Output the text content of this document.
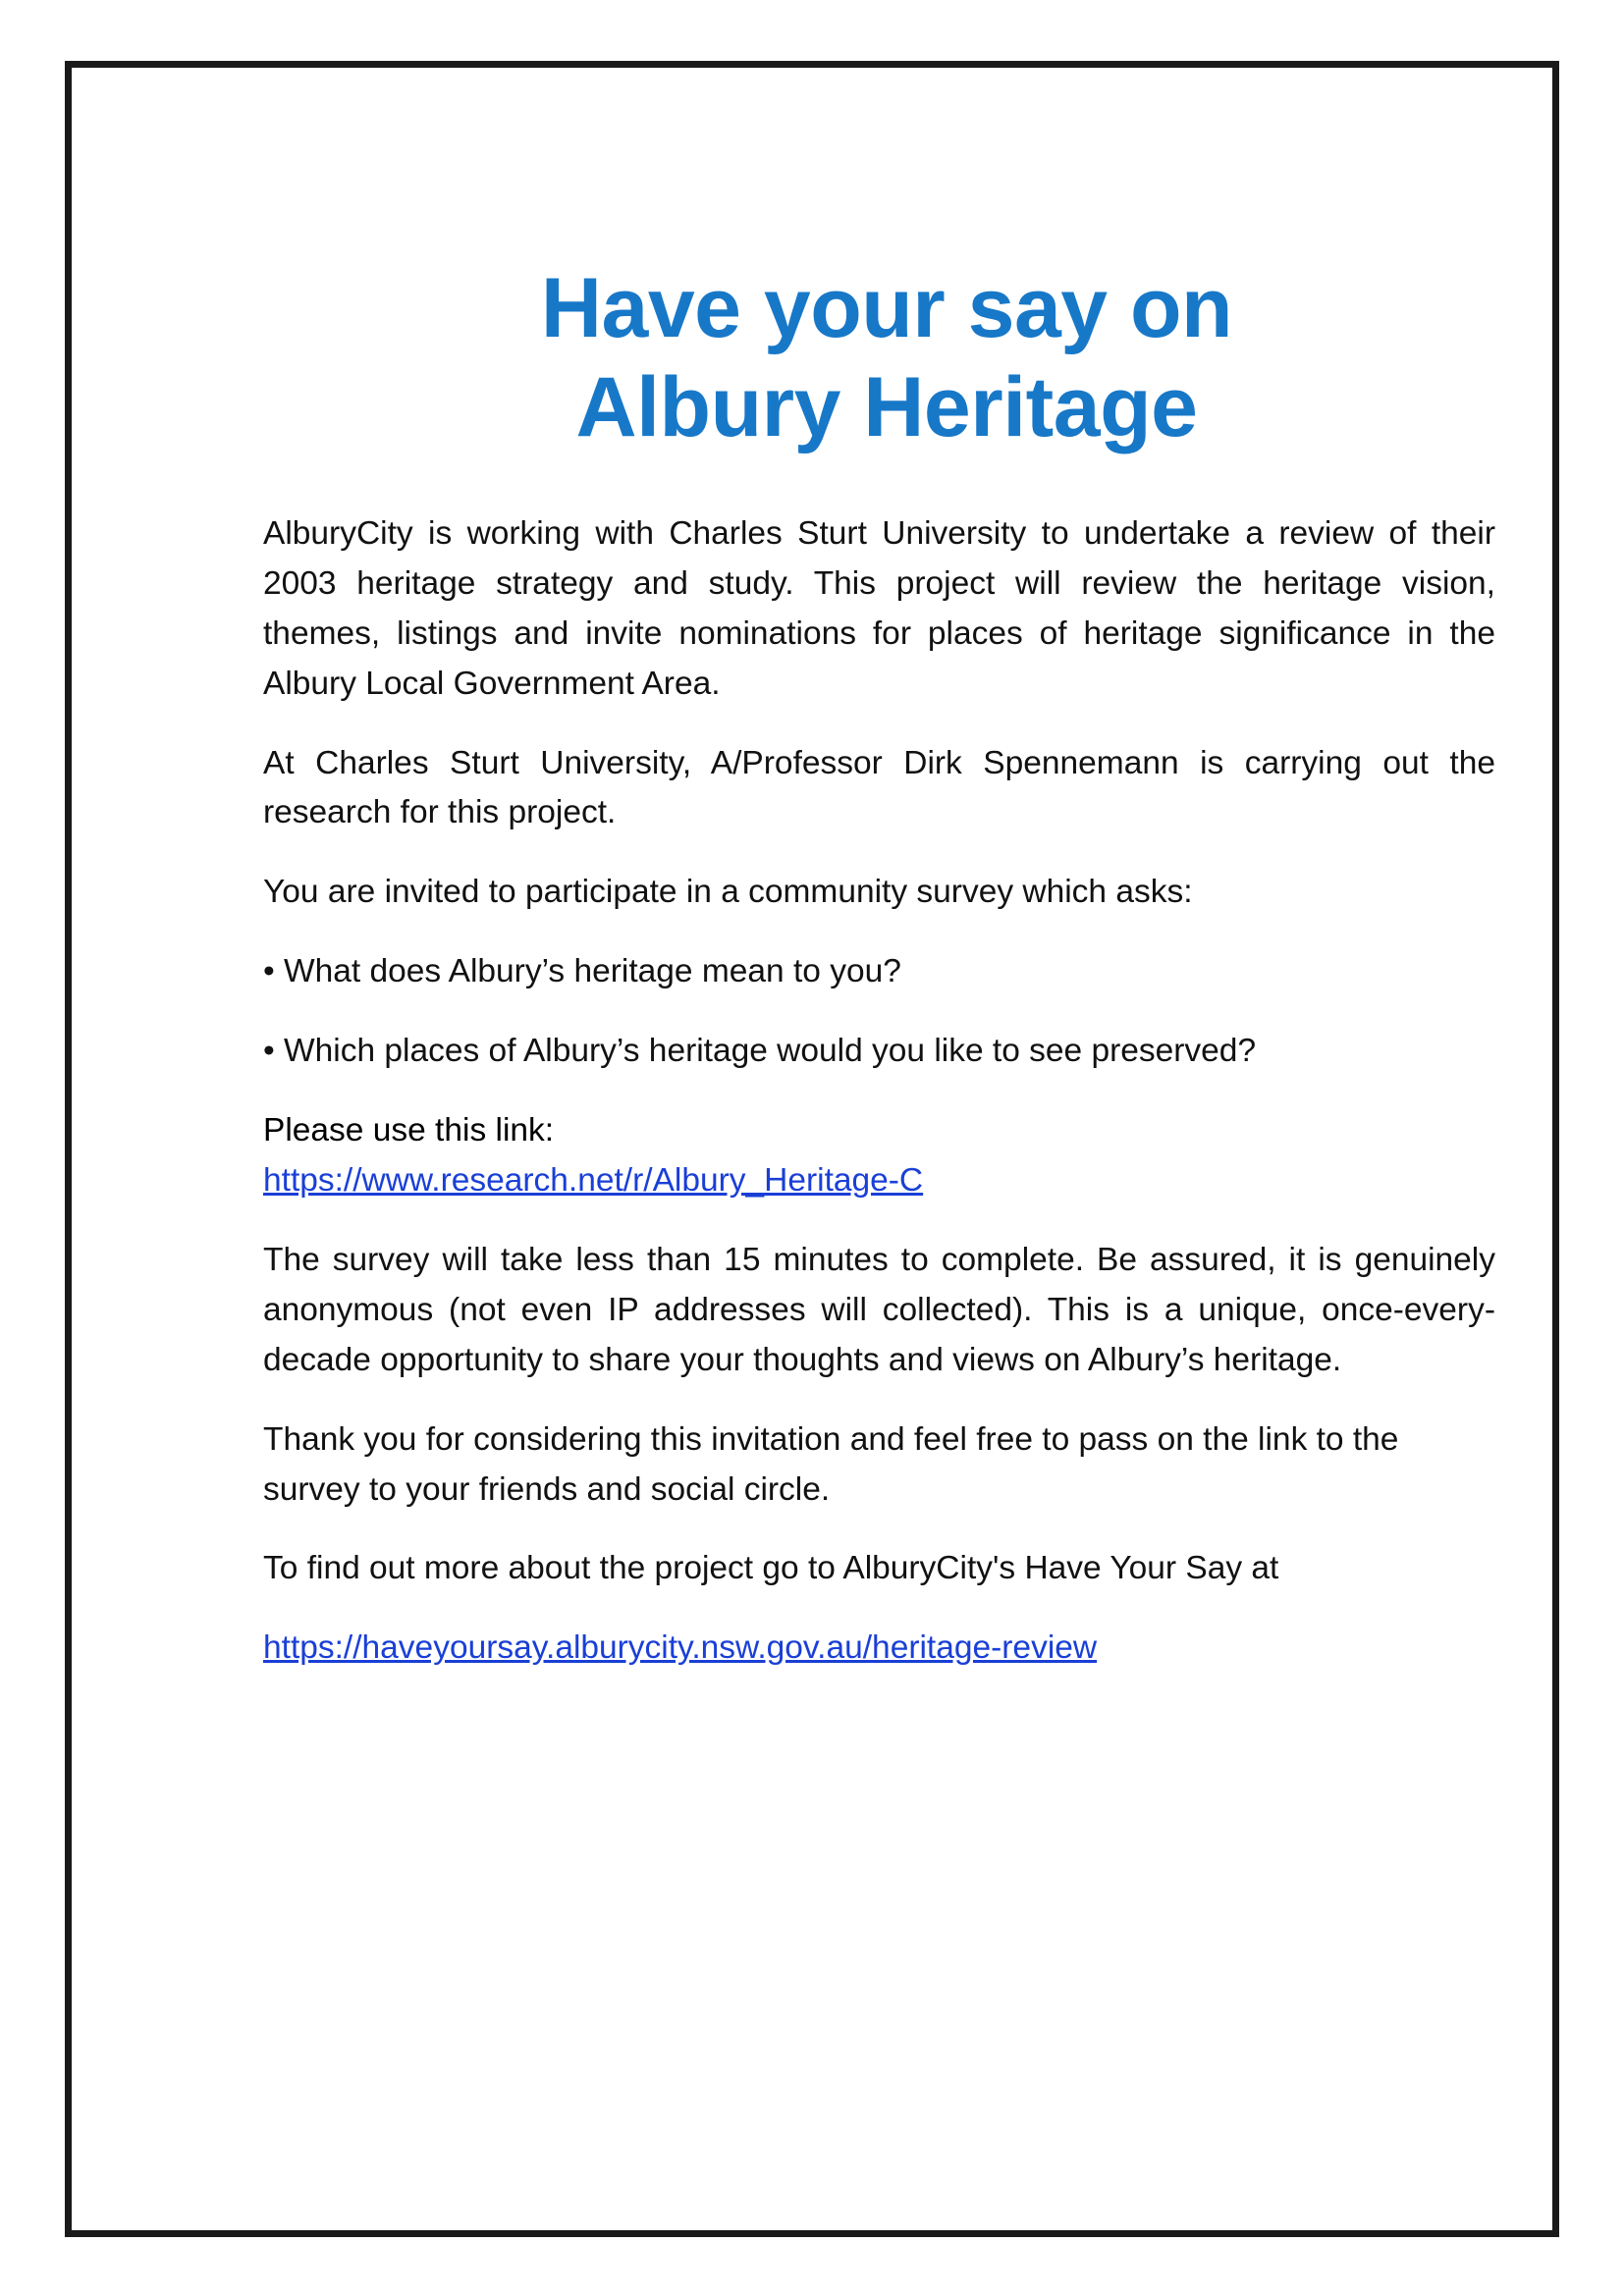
Have your say on
Albury Heritage

AlburyCity is working with Charles Sturt University to undertake a review of their 2003 heritage strategy and study. This project will review the heritage vision, themes, listings and invite nominations for places of heritage significance in the Albury Local Government Area.

At Charles Sturt University, A/Professor Dirk Spennemann is carrying out the research for this project.

You are invited to participate in a community survey which asks:

• What does Albury’s heritage mean to you?

• Which places of Albury’s heritage would you like to see preserved?

Please use this link:
https://www.research.net/r/Albury_Heritage-C

The survey will take less than 15 minutes to complete. Be assured, it is genuinely anonymous (not even IP addresses will collected). This is a unique, once-every-decade opportunity to share your thoughts and views on Albury’s heritage.

Thank you for considering this invitation and feel free to pass on the link to the survey to your friends and social circle.

To find out more about the project go to AlburyCity's Have Your Say at

https://haveyoursay.alburycity.nsw.gov.au/heritage-review
